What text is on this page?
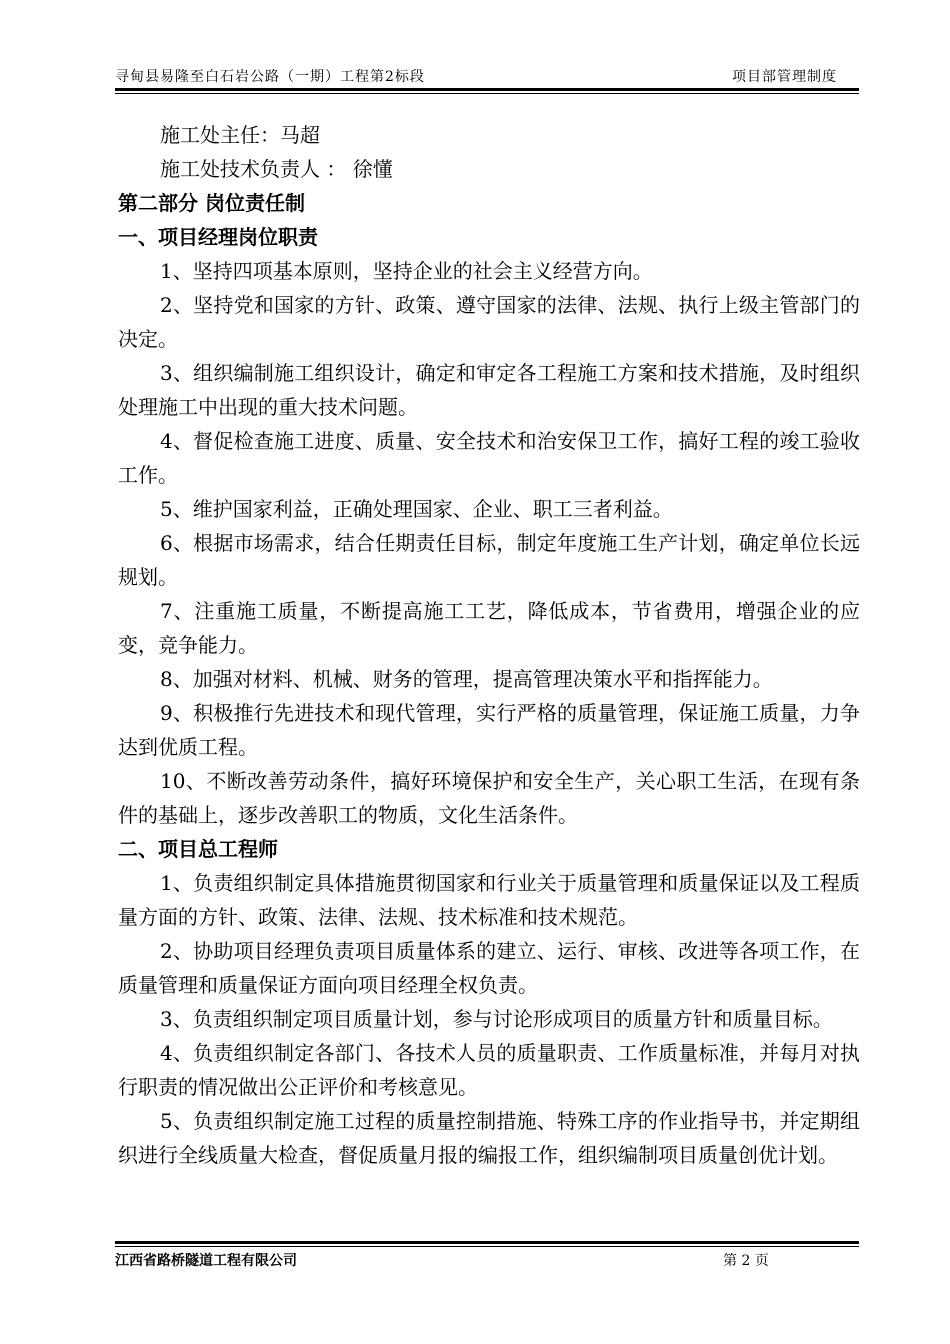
寻甸县易隆至白石岩公路（一期）工程第2标段	项目部管理制度
施工处主任：马超
施工处技术负责人 ： 徐懂
第二部分 岗位责任制
一、项目经理岗位职责
1、坚持四项基本原则，坚持企业的社会主义经营方向。
2、坚持党和国家的方针、政策、遵守国家的法律、法规、执行上级主管部门的决定。
3、组织编制施工组织设计，确定和审定各工程施工方案和技术措施，及时组织处理施工中出现的重大技术问题。
4、督促检查施工进度、质量、安全技术和治安保卫工作，搞好工程的竣工验收工作。
5、维护国家利益，正确处理国家、企业、职工三者利益。
6、根据市场需求，结合任期责任目标，制定年度施工生产计划，确定单位长远规划。
7、注重施工质量，不断提高施工工艺，降低成本，节省费用，增强企业的应变，竞争能力。
8、加强对材料、机械、财务的管理，提高管理决策水平和指挥能力。
9、积极推行先进技术和现代管理，实行严格的质量管理，保证施工质量，力争达到优质工程。
10、不断改善劳动条件，搞好环境保护和安全生产，关心职工生活，在现有条件的基础上，逐步改善职工的物质，文化生活条件。
二、项目总工程师
1、负责组织制定具体措施贯彻国家和行业关于质量管理和质量保证以及工程质量方面的方针、政策、法律、法规、技术标准和技术规范。
2、协助项目经理负责项目质量体系的建立、运行、审核、改进等各项工作，在质量管理和质量保证方面向项目经理全权负责。
3、负责组织制定项目质量计划，参与讨论形成项目的质量方针和质量目标。
4、负责组织制定各部门、各技术人员的质量职责、工作质量标准，并每月对执行职责的情况做出公正评价和考核意见。
5、负责组织制定施工过程的质量控制措施、特殊工序的作业指导书，并定期组织进行全线质量大检查，督促质量月报的编报工作，组织编制项目质量创优计划。
江西省路桥隧道工程有限公司	第 2 页
